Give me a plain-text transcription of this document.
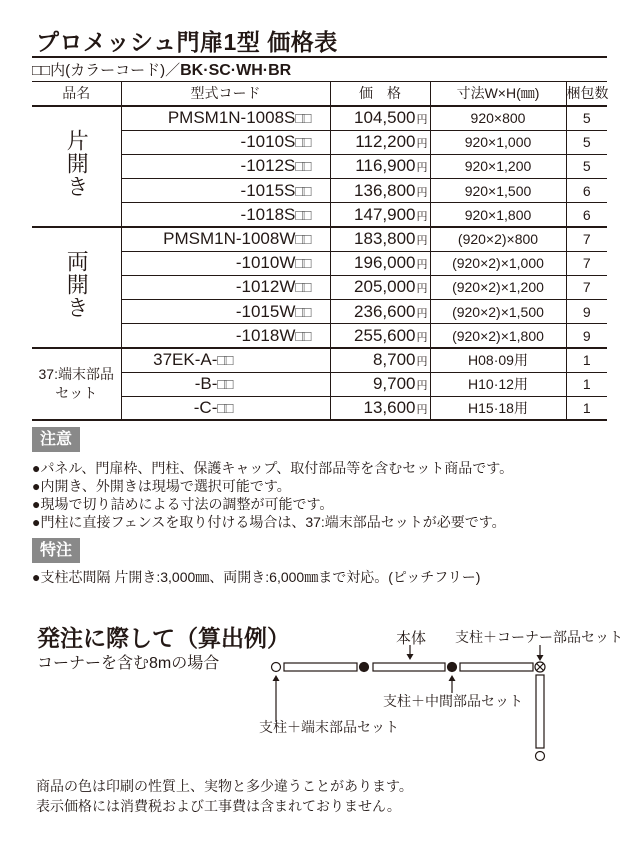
プロメッシュ門扉1型 価格表
□□内(カラーコード)／BK·SC·WH·BR				
品名	型式コード	価　格	寸法W×H(㎜)	梱包数
片開き	PMSM1N-1008S□□	104,500円	920×800	5
	-1010S□□	112,200円	920×1,000	5
	-1012S□□	116,900円	920×1,200	5
	-1015S□□	136,800円	920×1,500	6
	-1018S□□	147,900円	920×1,800	6
両開き	PMSM1N-1008W□□	183,800円	(920×2)×800	7
	-1010W□□	196,000円	(920×2)×1,000	7
	-1012W□□	205,000円	(920×2)×1,200	7
	-1015W□□	236,600円	(920×2)×1,500	9
	-1018W□□	255,600円	(920×2)×1,800	9

37:端末部品
セット	37EK-A-□□	8,700円	H08·09用	1
	-B-□□	9,700円	H10·12用	1
	-C-□□	13,600円	H15·18用	1
注意
●パネル、門扉枠、門柱、保護キャップ、取付部品等を含むセット商品です。
●内開き、外開きは現場で選択可能です。
●現場で切り詰めによる寸法の調整が可能です。
●門柱に直接フェンスを取り付ける場合は、37:端末部品セットが必要です。
特注
●支柱芯間隔 片開き:3,000㎜、両開き:6,000㎜まで対応。(ピッチフリー)
発注に際して（算出例）
コーナーを含む8mの場合
本体 支柱＋コーナー部品セット
支柱＋中間部品セット
支柱＋端末部品セット
商品の色は印刷の性質上、実物と多少違うことがあります。
表示価格には消費税および工事費は含まれておりません。
